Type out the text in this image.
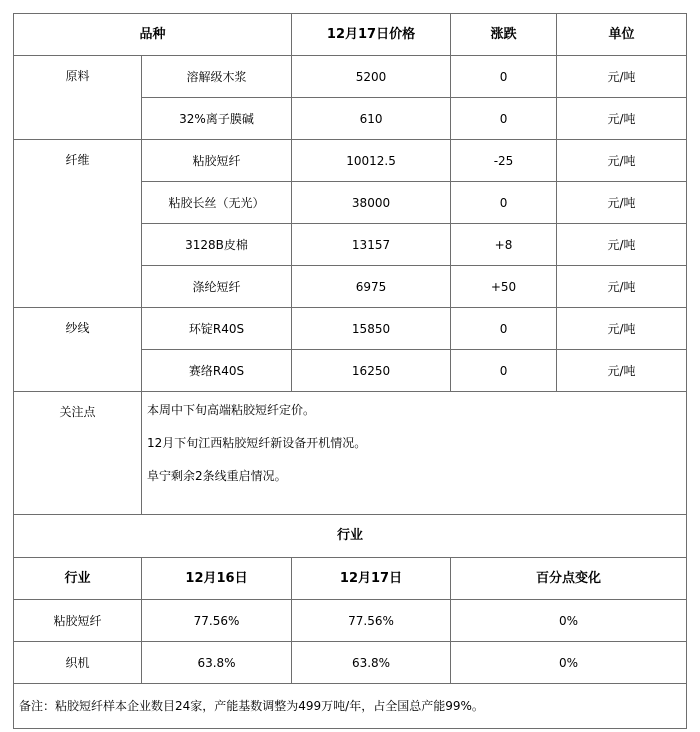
品种		12月17日价格	涨跌	单位
原料	溶解级木浆	5200	0	元/吨
	32%离子膜碱	610	0	元/吨
纤维	粘胶短纤	10012.5	-25	元/吨
	粘胶长丝（无光）	38000	0	元/吨
	3128B皮棉	13157	+8	元/吨
	涤纶短纤	6975	+50	元/吨
纱线	环锭R40S	15850	0	元/吨
	赛络R40S	16250	0	元/吨
关注点	本周中下旬高端粘胶短纤定价。

12月下旬江西粘胶短纤新设备开机情况。

阜宁剩余2条线重启情况。			

行业				
行业	12月16日	12月17日	百分点变化	
粘胶短纤	77.56%	77.56%	0%	
织机	63.8%	63.8%	0%	
备注：粘胶短纤样本企业数目24家，产能基数调整为499万吨/年，占全国总产能99%。				
